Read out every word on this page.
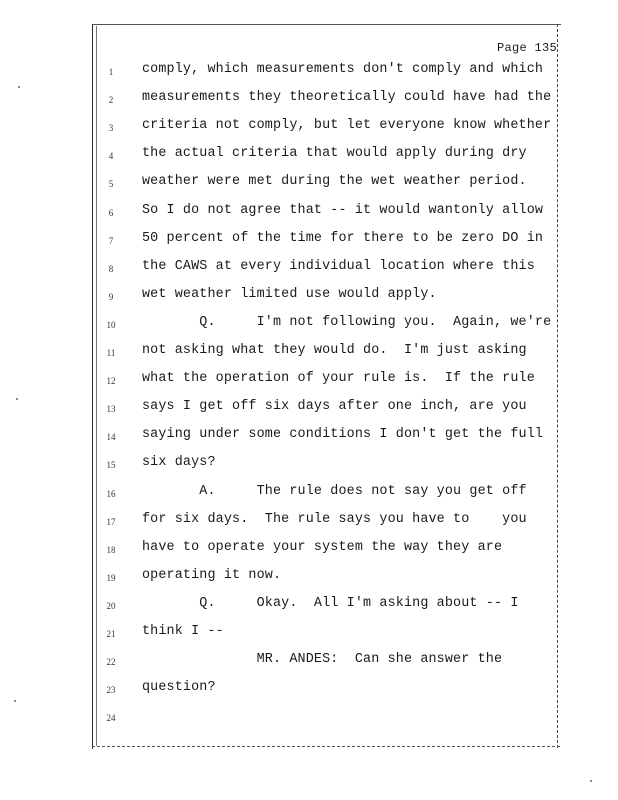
Page 135
1	comply, which measurements don't comply and which
2	measurements they theoretically could have had the
3	criteria not comply, but let everyone know whether
4	the actual criteria that would apply during dry
5	weather were met during the wet weather period.
6	So I do not agree that -- it would wantonly allow
7	50 percent of the time for there to be zero DO in
8	the CAWS at every individual location where this
9	wet weather limited use would apply.
10	Q.     I'm not following you.  Again, we're
11	not asking what they would do.  I'm just asking
12	what the operation of your rule is.  If the rule
13	says I get off six days after one inch, are you
14	saying under some conditions I don't get the full
15	six days?
16	A.     The rule does not say you get off
17	for six days.  The rule says you have to    you
18	have to operate your system the way they are
19	operating it now.
20	Q.     Okay.  All I'm asking about -- I
21	think I --
22	MR. ANDES:  Can she answer the
23	question?
24
